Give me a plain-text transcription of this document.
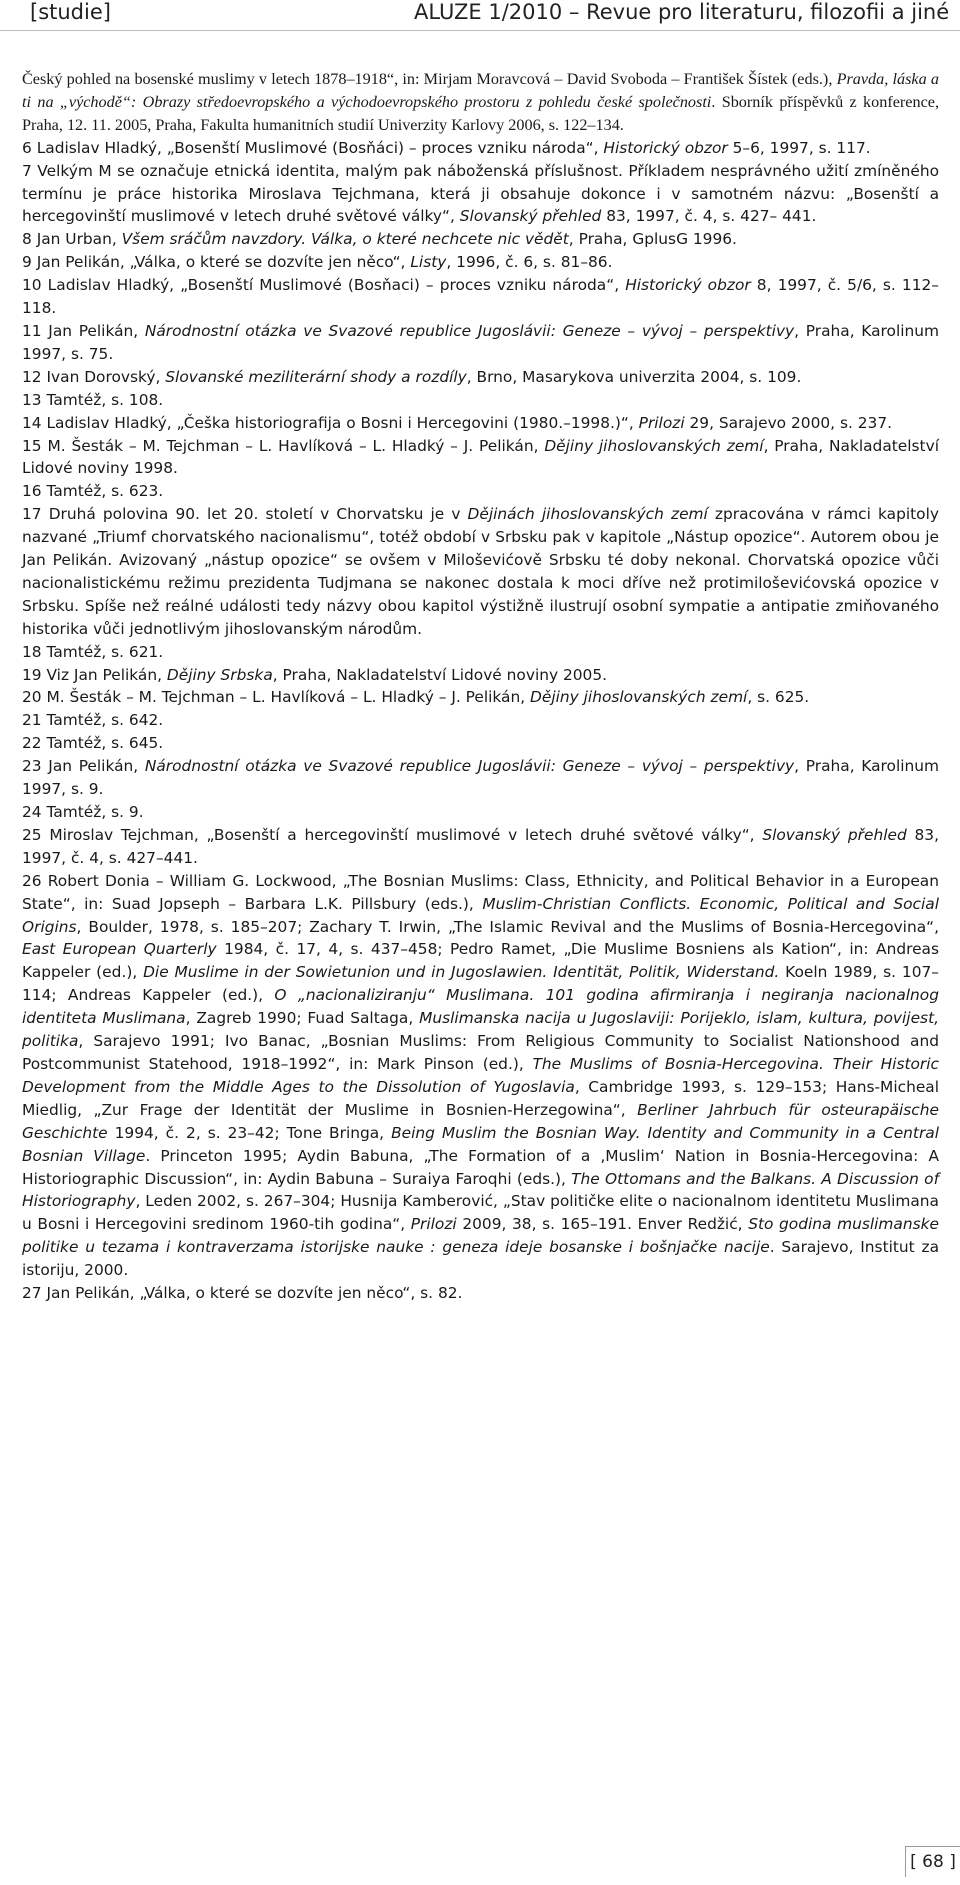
[studie]	ALUZE 1/2010 – Revue pro literaturu, filozofii a jiné

Český pohled na bosenské muslimy v letech 1878–1918“, in: Mirjam Moravcová – David Svoboda – František Šístek (eds.), Pravda, láska a ti na „východě“: Obrazy středoevropského a východoevropského prostoru z pohledu české společnosti. Sborník příspěvků z konference, Praha, 12. 11. 2005, Praha, Fakulta humanitních studií Univerzity Karlovy 2006, s. 122–134.

6 Ladislav Hladký, „Bosenští Muslimové (Bosňáci) – proces vzniku národa“, Historický obzor 5–6, 1997, s. 117.

7 Velkým M se označuje etnická identita, malým pak náboženská příslušnost. Příkladem nesprávného užití zmíněného termínu je práce historika Miroslava Tejchmana, která ji obsahuje dokonce i v samotném názvu: „Bosenští a hercegovinští muslimové v letech druhé světové války“, Slovanský přehled 83, 1997, č. 4, s. 427– 441.

8 Jan Urban, Všem sráčům navzdory. Válka, o které nechcete nic vědět, Praha, GplusG 1996.

9 Jan Pelikán, „Válka, o které se dozvíte jen něco“, Listy, 1996, č. 6, s. 81–86.

10 Ladislav Hladký, „Bosenští Muslimové (Bosňaci) – proces vzniku národa“, Historický obzor 8, 1997, č. 5/6, s. 112–118.

11 Jan Pelikán, Národnostní otázka ve Svazové republice Jugoslávii: Geneze – vývoj – perspektivy, Praha, Karolinum 1997, s. 75.

12 Ivan Dorovský, Slovanské meziliterární shody a rozdíly, Brno, Masarykova univerzita 2004, s. 109.

13 Tamtéž, s. 108.

14 Ladislav Hladký, „Češka historiografija o Bosni i Hercegovini (1980.–1998.)“, Prilozi 29, Sarajevo 2000, s. 237.

15 M. Šesták – M. Tejchman – L. Havlíková – L. Hladký – J. Pelikán, Dějiny jihoslovanských zemí, Praha, Nakladatelství Lidové noviny 1998.

16 Tamtéž, s. 623.

17 Druhá polovina 90. let 20. století v Chorvatsku je v Dějinách jihoslovanských zemí zpracována v rámci kapitoly nazvané „Triumf chorvatského nacionalismu“, totéž období v Srbsku pak v kapitole „Nástup opozice“. Autorem obou je Jan Pelikán. Avizovaný „nástup opozice“ se ovšem v Miloševićově Srbsku té doby nekonal. Chorvatská opozice vůči nacionalistickému režimu prezidenta Tudjmana se nakonec dostala k moci dříve než protimiloševićovská opozice v Srbsku. Spíše než reálné události tedy názvy obou kapitol výstižně ilustrují osobní sympatie a antipatie zmiňovaného historika vůči jednotlivým jihoslovanským národům.

18 Tamtéž, s. 621.

19 Viz Jan Pelikán, Dějiny Srbska, Praha, Nakladatelství Lidové noviny 2005.

20 M. Šesták – M. Tejchman – L. Havlíková – L. Hladký – J. Pelikán, Dějiny jihoslovanských zemí, s. 625.

21 Tamtéž, s. 642.

22 Tamtéž, s. 645.

23 Jan Pelikán, Národnostní otázka ve Svazové republice Jugoslávii: Geneze – vývoj – perspektivy, Praha, Karolinum 1997, s. 9.

24 Tamtéž, s. 9.

25 Miroslav Tejchman, „Bosenští a hercegovinští muslimové v letech druhé světové války“, Slovanský přehled 83, 1997, č. 4, s. 427–441.

26 Robert Donia – William G. Lockwood, „The Bosnian Muslims: Class, Ethnicity, and Political Behavior in a European State“, in: Suad Jopseph – Barbara L.K. Pillsbury (eds.), Muslim-Christian Conflicts. Economic, Political and Social Origins, Boulder, 1978, s. 185–207; Zachary T. Irwin, „The Islamic Revival and the Muslims of Bosnia-Hercegovina“, East European Quarterly 1984, č. 17, 4, s. 437–458; Pedro Ramet, „Die Muslime Bosniens als Kation“, in: Andreas Kappeler (ed.), Die Muslime in der Sowietunion und in Jugoslawien. Identität, Politik, Widerstand. Koeln 1989, s. 107–114; Andreas Kappeler (ed.), O „nacionaliziranju“ Muslimana. 101 godina afirmiranja i negiranja nacionalnog identiteta Muslimana, Zagreb 1990; Fuad Saltaga, Muslimanska nacija u Jugoslaviji: Porijeklo, islam, kultura, povijest, politika, Sarajevo 1991; Ivo Banac, „Bosnian Muslims: From Religious Community to Socialist Nationshood and Postcommunist Statehood, 1918–1992“, in: Mark Pinson (ed.), The Muslims of Bosnia-Hercegovina. Their Historic Development from the Middle Ages to the Dissolution of Yugoslavia, Cambridge 1993, s. 129–153; Hans-Micheal Miedlig, „Zur Frage der Identität der Muslime in Bosnien-Herzegowina“, Berliner Jahrbuch für osteurapäische Geschichte 1994, č. 2, s. 23–42; Tone Bringa, Being Muslim the Bosnian Way. Identity and Community in a Central Bosnian Village. Princeton 1995; Aydin Babuna, „The Formation of a ‚Muslim‘ Nation in Bosnia-Hercegovina: A Historiographic Discussion“, in: Aydin Babuna – Suraiya Faroqhi (eds.), The Ottomans and the Balkans. A Discussion of Historiography, Leden 2002, s. 267–304; Husnija Kamberović, „Stav političke elite o nacionalnom identitetu Muslimana u Bosni i Hercegovini sredinom 1960-tih godina“, Prilozi 2009, 38, s. 165–191. Enver Redžić, Sto godina muslimanske politike u tezama i kontraverzama istorijske nauke : geneza ideje bosanske i bošnjačke nacije. Sarajevo, Institut za istoriju, 2000.

27 Jan Pelikán, „Válka, o které se dozvíte jen něco“, s. 82.

[ 68 ]
